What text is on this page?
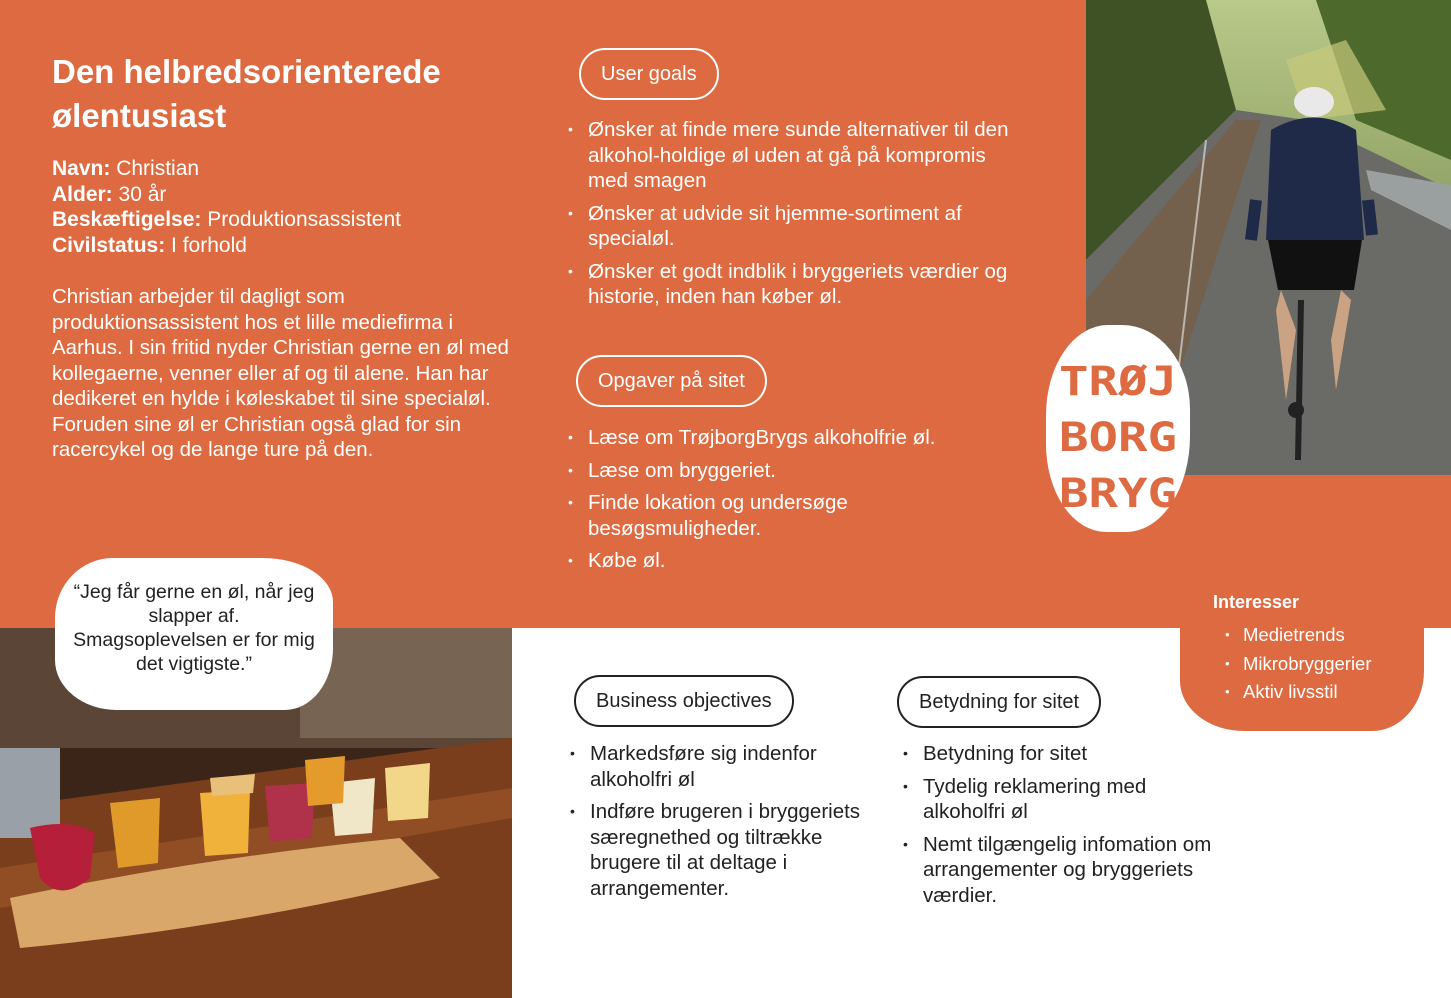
Den helbredsorienterede ølentusiast
Navn: Christian
Alder: 30 år
Beskæftigelse: Produktionsassistent
Civilstatus: I forhold

Christian arbejder til dagligt som produktionsassistent hos et lille mediefirma i Aarhus. I sin fritid nyder Christian gerne en øl med kollegaerne, venner eller af og til alene. Han har dedikeret en hylde i køleskabet til sine specialøl. Foruden sine øl er Christian også glad for sin racercykel og de lange ture på den.

User goals
• Ønsker at finde mere sunde alternativer til den alkohol-holdige øl uden at gå på kompromis med smagen
• Ønsker at udvide sit hjemme-sortiment af specialøl.
• Ønsker et godt indblik i bryggeriets værdier og historie, inden han køber øl.
Opgaver på sitet
• Læse om TrøjborgBrygs alkoholfrie øl.
• Læse om bryggeriet.
• Finde lokation og undersøge besøgsmuligheder.
• Købe øl.
TRØJ
BORG
BRYG
“Jeg får gerne en øl, når jeg slapper af. Smagsoplevelsen er for mig det vigtigste.”
Interesser
• Medietrends
• Mikrobryggerier
• Aktiv livsstil
Business objectives
• Markedsføre sig indenfor alkoholfri øl
• Indføre brugeren i bryggeriets særegnethed og tiltrække brugere til at deltage i arrangementer.
Betydning for sitet
• Betydning for sitet
• Tydelig reklamering med alkoholfri øl
• Nemt tilgængelig infomation om arrangementer og bryggeriets værdier.
